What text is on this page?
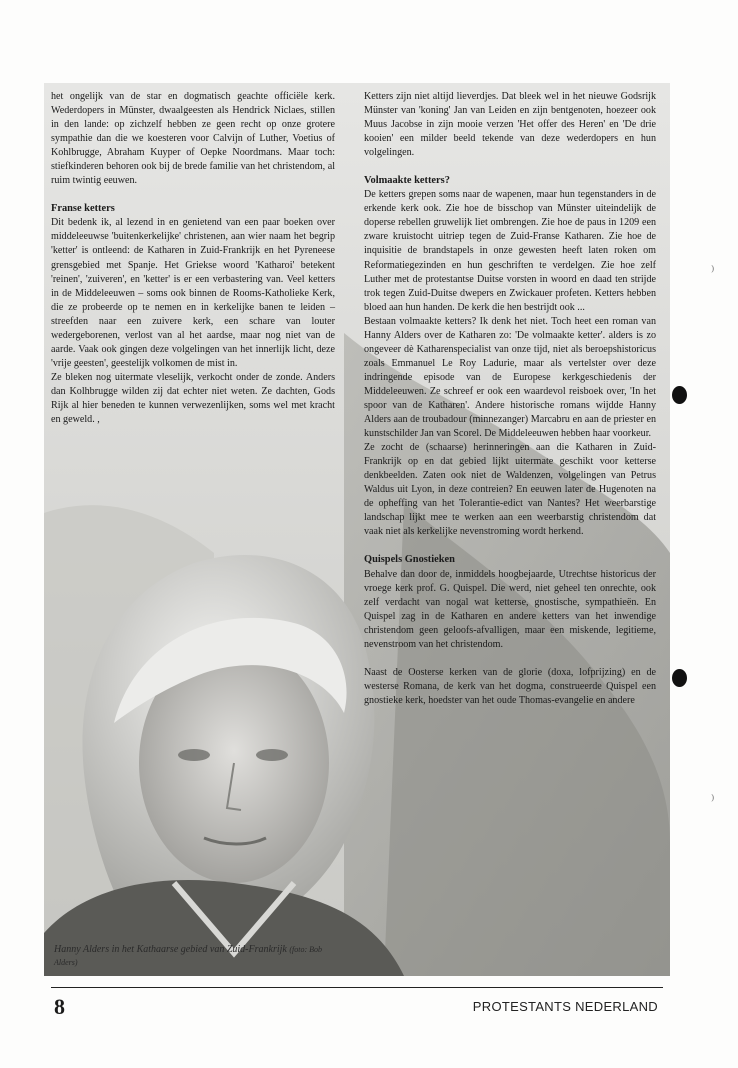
het ongelijk van de star en dogmatisch geachte officiële kerk. Wederdopers in Münster, dwaalgeesten als Hendrick Niclaes, stillen in den lande: op zichzelf hebben ze geen recht op onze grotere sympathie dan die we koesteren voor Calvijn of Luther, Voetius of Kohlbrugge, Abraham Kuyper of Oepke Noordmans. Maar toch: stiefkinderen behoren ook bij de brede familie van het christendom, al ruim twintig eeuwen.

Franse ketters

Dit bedenk ik, al lezend in en genietend van een paar boeken over middeleeuwse 'buitenkerkelijke' christenen, aan wier naam het begrip 'ketter' is ontleend: de Katharen in Zuid-Frankrijk en het Pyreneese grensgebied met Spanje. Het Griekse woord 'Katharoi' betekent 'reinen', 'zuiveren', en 'ketter' is er een verbastering van. Veel ketters in de Middeleeuwen – soms ook binnen de Rooms-Katholieke Kerk, die ze probeerde op te nemen en in kerkelijke banen te leiden – streefden naar een zuivere kerk, een schare van louter wedergeborenen, verlost van al het aardse, maar nog niet van de aarde. Vaak ook gingen deze volgelingen van het innerlijk licht, deze 'vrije geesten', geestelijk volkomen de mist in.

Ze bleken nog uitermate vleselijk, verkocht onder de zonde. Anders dan Kolhbrugge wilden zij dat echter niet weten. Ze dachten, Gods Rijk al hier beneden te kunnen verwezenlijken, soms wel met kracht en geweld. ,

Ketters zijn niet altijd lieverdjes. Dat bleek wel in het nieuwe Godsrijk Münster van 'koning' Jan van Leiden en zijn bentgenoten, hoezeer ook Muus Jacobse in zijn mooie verzen 'Het offer des Heren' en 'De drie kooien' een milder beeld tekende van deze wederdopers en hun volgelingen.

Volmaakte ketters?

De ketters grepen soms naar de wapenen, maar hun tegenstanders in de erkende kerk ook. Zie hoe de bisschop van Münster uiteindelijk de doperse rebellen gruwelijk liet ombrengen. Zie hoe de paus in 1209 een zware kruistocht uitriep tegen de Zuid-Franse Katharen. Zie hoe de inquisitie de brandstapels in onze gewesten heeft laten roken om Reformatiegezinden en hun geschriften te verdelgen. Zie hoe zelf Luther met de protestantse Duitse vorsten in woord en daad ten strijde trok tegen Zuid-Duitse dwepers en Zwickauer profeten. Ketters hebben bloed aan hun handen. De kerk die hen bestrijdt ook ...

Bestaan volmaakte ketters? Ik denk het niet. Toch heet een roman van Hanny Alders over de Katharen zo: 'De volmaakte ketter'. alders is zo ongeveer dè Katharenspecialist van onze tijd, niet als beroepshistoricus zoals Emmanuel Le Roy Ladurie, maar als vertelster over deze indringende episode van de Europese kerkgeschiedenis der Middeleeuwen. Ze schreef er ook een waardevol reisboek over, 'In het spoor van de Katharen'. Andere historische romans wijdde Hanny Alders aan de troubadour (minnezanger) Marcabru en aan de priester en kunstschilder Jan van Scorel. De Middeleeuwen hebben haar voorkeur.

Ze zocht de (schaarse) herinneringen aan die Katharen in Zuid-Frankrijk op en dat gebied lijkt uitermate geschikt voor ketterse denkbeelden. Zaten ook niet de Waldenzen, volgelingen van Petrus Waldus uit Lyon, in deze contreien? En eeuwen later de Hugenoten na de opheffing van het Tolerantie-edict van Nantes? Het weerbarstige landschap lijkt mee te werken aan een weerbarstig christendom dat vaak niet als kerkelijke nevenstroming wordt herkend.

Quispels Gnostieken

Behalve dan door de, inmiddels hoogbejaarde, Utrechtse historicus der vroege kerk prof. G. Quispel. Die werd, niet geheel ten onrechte, ook zelf verdacht van nogal wat ketterse, gnostische, sympathieën. En Quispel zag in de Katharen en andere ketters van het inwendige christendom geen geloofs-afvalligen, maar een miskende, legitieme, nevenstroom van het christendom.

Naast de Oosterse kerken van de glorie (doxa, lofprijzing) en de westerse Romana, de kerk van het dogma, construeerde Quispel een gnostieke kerk, hoedster van het oude Thomas-evangelie en andere

Hanny Alders in het Kathaarse gebied van Zuid-Frankrijk (foto: Bob Alders)
8	PROTESTANTS NEDERLAND
⁾
⁾
